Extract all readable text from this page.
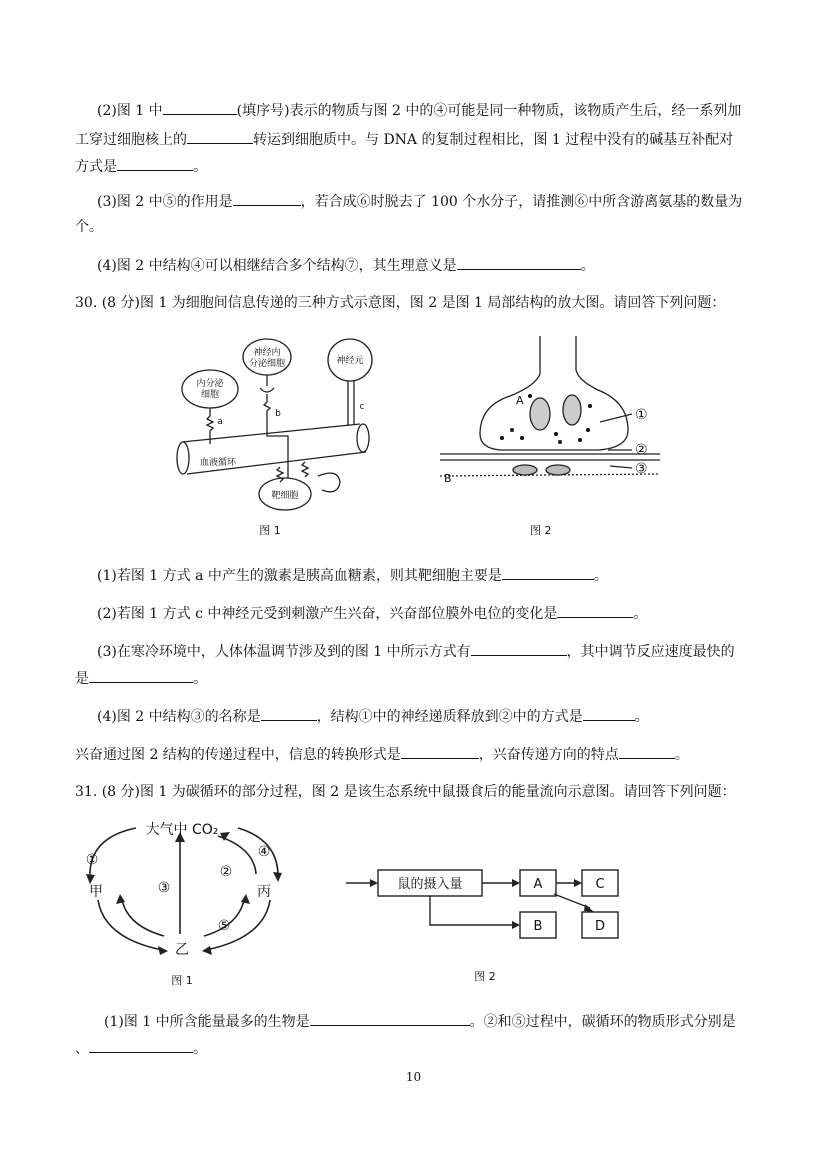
(2)图 1 中	(填序号)表示的物质与图 2 中的④可能是同一种物质，该物质产生后，经一系列加
工穿过细胞核上的	转运到细胞质中。与 DNA 的复制过程相比，图 1 过程中没有的碱基互补配对
方式是	。
(3)图 2 中⑤的作用是	，若合成⑥时脱去了 100 个水分子，请推测⑥中所含游离氨基的数量为
个。
(4)图 2 中结构④可以相继结合多个结构⑦，其生理意义是	。
30. (8 分)图 1 为细胞间信息传递的三种方式示意图，图 2 是图 1 局部结构的放大图。请回答下列问题：
内分泌
细胞
神经内
分泌细胞	神经元
靶细胞
a
b
c
血液循环
图 1
A
B
①
②
③
图 2
(1)若图 1 方式 a 中产生的激素是胰高血糖素，则其靶细胞主要是	。
(2)若图 1 方式 c 中神经元受到刺激产生兴奋，兴奋部位膜外电位的变化是	。
(3)在寒冷环境中，人体体温调节涉及到的图 1 中所示方式有	，其中调节反应速度最快的
是	。
(4)图 2 中结构③的名称是	，结构①中的神经递质释放到②中的方式是	。
兴奋通过图 2 结构的传递过程中，信息的转换形式是	，兴奋传递方向的特点	。
31. (8 分)图 1 为碳循环的部分过程，图 2 是该生态系统中鼠摄食后的能量流向示意图。请回答下列问题：
大气中 CO₂
甲	丙
乙
①
②
③
④
⑤
图 1
鼠的摄入量	A	C
B	D
图 2
(1)图 1 中所含能量最多的生物是	。②和⑤过程中，碳循环的物质形式分别是
、	。
10
